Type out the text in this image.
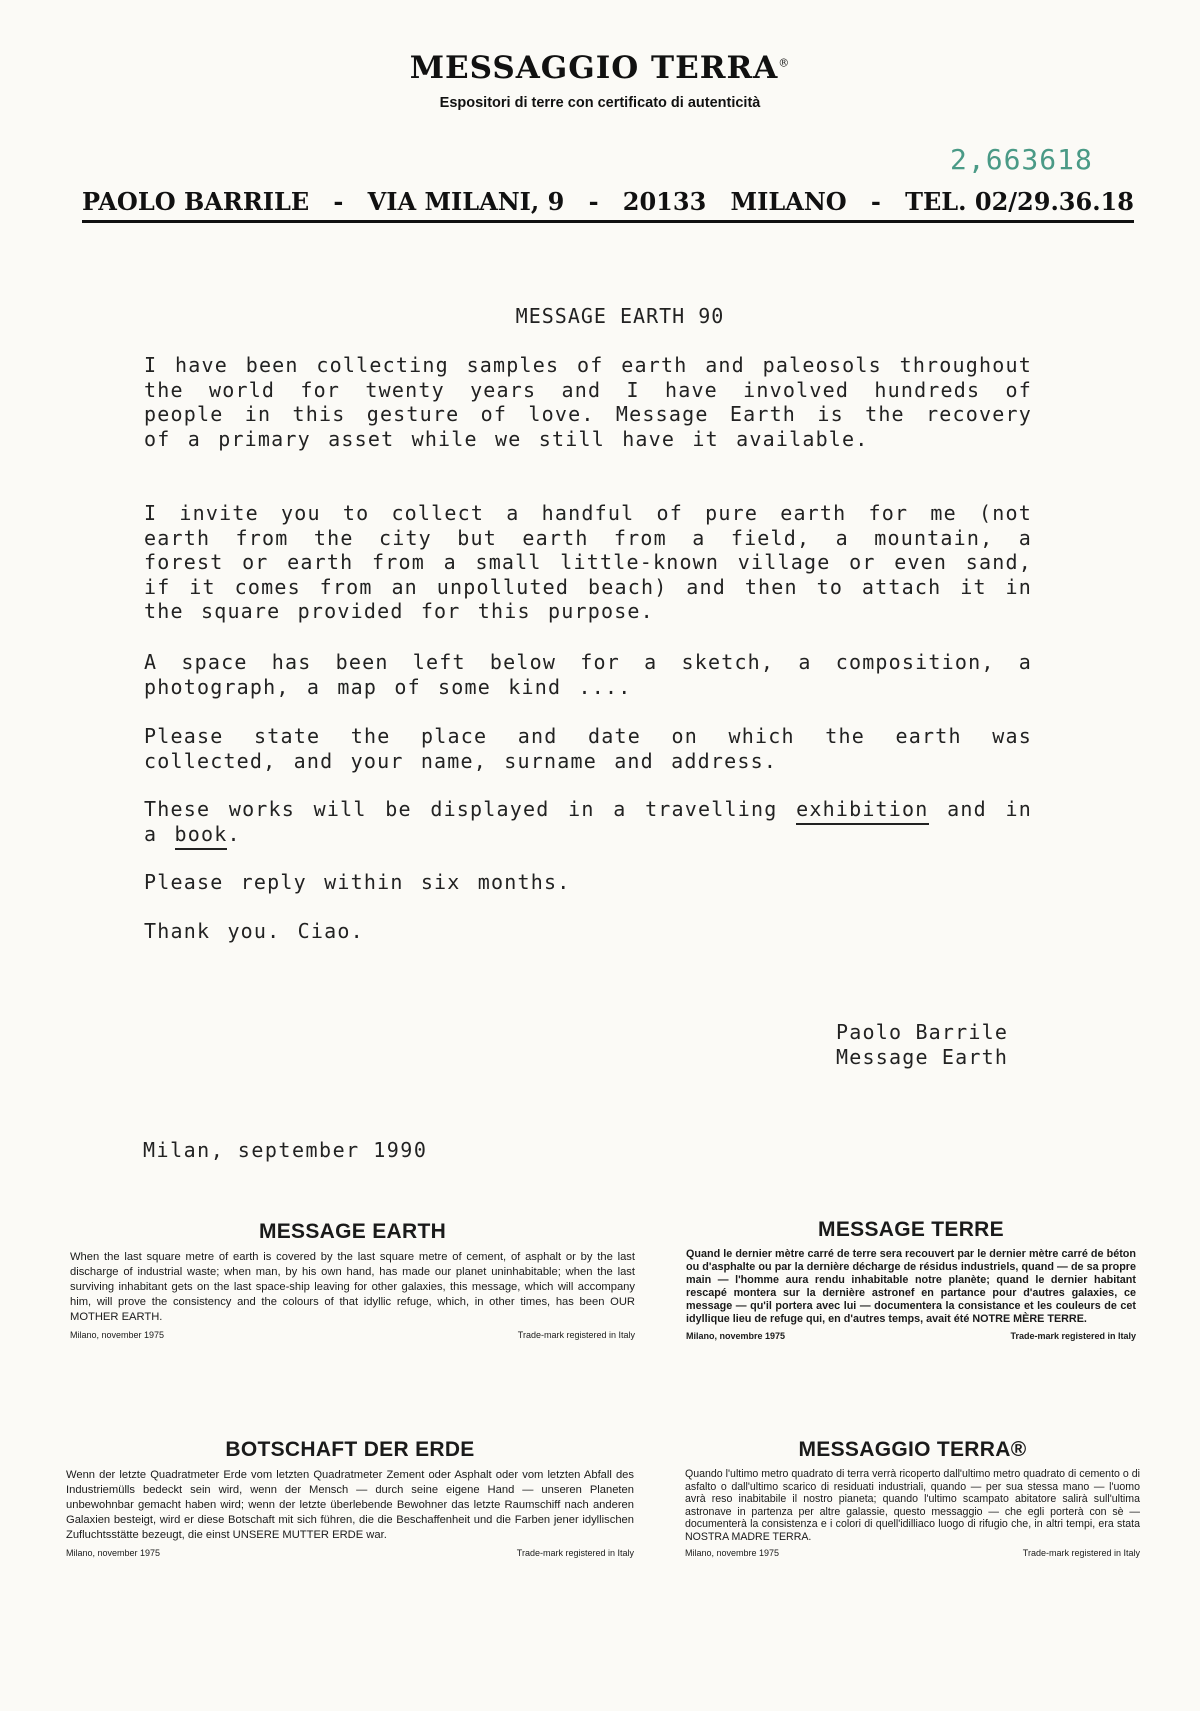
MESSAGGIO TERRA®
Espositori di terre con certificato di autenticità
2,663618
PAOLO BARRILE - VIA MILANI, 9 - 20133 MILANO - TEL. 02/29.36.18
MESSAGE EARTH 90
I have been collecting samples of earth and paleosols throughout the world for twenty years and I have involved hundreds of people in this gesture of love. Message Earth is the recovery of a primary asset while we still have it available.
I invite you to collect a handful of pure earth for me (not earth from the city but earth from a field, a mountain, a forest or earth from a small little-known village or even sand, if it comes from an unpolluted beach) and then to attach it in the square provided for this purpose.
A space has been left below for a sketch, a composition, a photograph, a map of some kind ....
Please state the place and date on which the earth was collected, and your name, surname and address.
These works will be displayed in a travelling exhibition and in a book.
Please reply within six months.
Thank you. Ciao.
Paolo Barrile
Message Earth
Milan, september 1990
MESSAGE EARTH

When the last square metre of earth is covered by the last square metre of cement, of asphalt or by the last discharge of industrial waste; when man, by his own hand, has made our planet uninhabitable; when the last surviving inhabitant gets on the last space-ship leaving for other galaxies, this message, which will accompany him, will prove the consistency and the colours of that idyllic refuge, which, in other times, has been OUR MOTHER EARTH.

Milano, november 1975	Trade-mark registered in Italy
MESSAGE TERRE

Quand le dernier mètre carré de terre sera recouvert par le dernier mètre carré de béton ou d'asphalte ou par la dernière décharge de résidus industriels, quand — de sa propre main — l'homme aura rendu inhabitable notre planète; quand le dernier habitant rescapé montera sur la dernière astronef en partance pour d'autres galaxies, ce message — qu'il portera avec lui — documentera la consistance et les couleurs de cet idyllique lieu de refuge qui, en d'autres temps, avait été NOTRE MÈRE TERRE.

Milano, novembre 1975	Trade-mark registered in Italy
BOTSCHAFT DER ERDE

Wenn der letzte Quadratmeter Erde vom letzten Quadratmeter Zement oder Asphalt oder vom letzten Abfall des Industriemülls bedeckt sein wird, wenn der Mensch — durch seine eigene Hand — unseren Planeten unbewohnbar gemacht haben wird; wenn der letzte überlebende Bewohner das letzte Raumschiff nach anderen Galaxien besteigt, wird er diese Botschaft mit sich führen, die die Beschaffenheit und die Farben jener idyllischen Zufluchtsstätte bezeugt, die einst UNSERE MUTTER ERDE war.

Milano, november 1975	Trade-mark registered in Italy
MESSAGGIO TERRA®

Quando l'ultimo metro quadrato di terra verrà ricoperto dall'ultimo metro quadrato di cemento o di asfalto o dall'ultimo scarico di residuati industriali, quando — per sua stessa mano — l'uomo avrà reso inabitabile il nostro pianeta; quando l'ultimo scampato abitatore salirà sull'ultima astronave in partenza per altre galassie, questo messaggio — che egli porterà con sè — documenterà la consistenza e i colori di quell'idilliaco luogo di rifugio che, in altri tempi, era stata NOSTRA MADRE TERRA.

Milano, novembre 1975	Trade-mark registered in Italy
